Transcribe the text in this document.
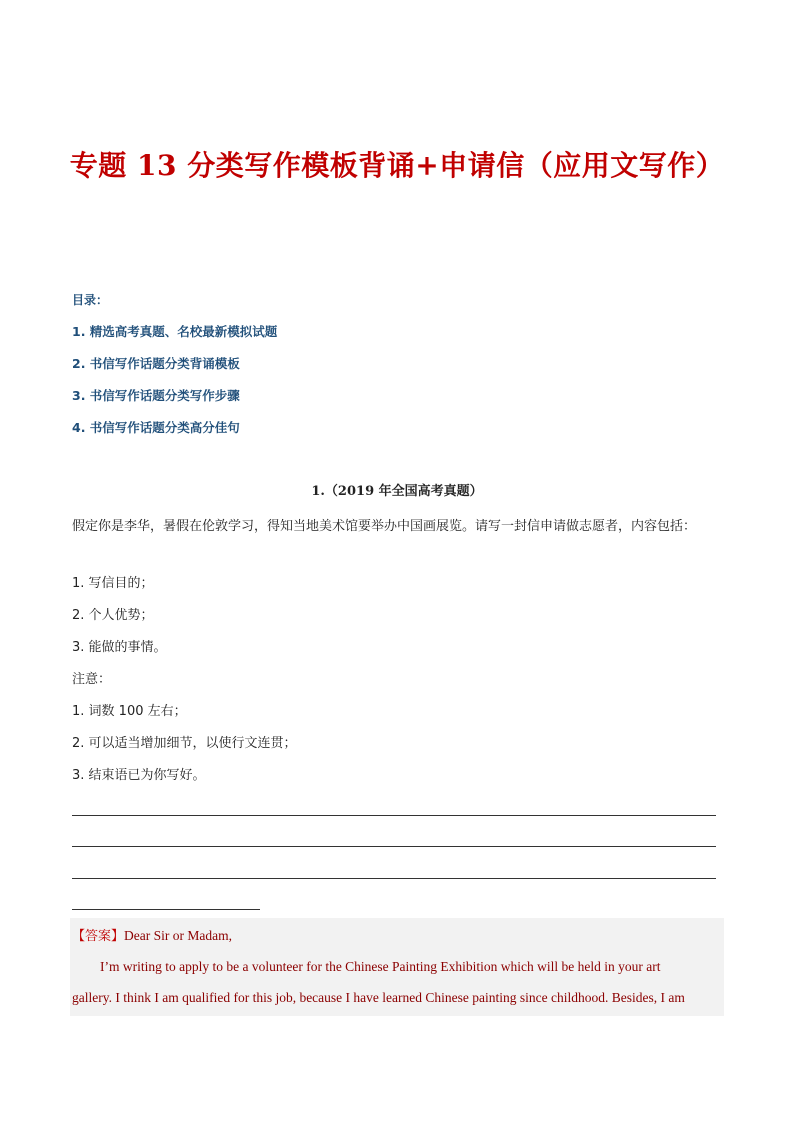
专题 13 分类写作模板背诵+申请信（应用文写作）
目录：
1. 精选高考真题、名校最新模拟试题
2. 书信写作话题分类背诵模板
3. 书信写作话题分类写作步骤
4. 书信写作话题分类高分佳句
1.（2019 年全国高考真题）
假定你是李华，暑假在伦敦学习，得知当地美术馆要举办中国画展览。请写一封信申请做志愿者，内容包括：
1. 写信目的；
2. 个人优势；
3. 能做的事情。
注意：
1. 词数 100 左右；
2. 可以适当增加细节，以使行文连贯；
3. 结束语已为你写好。
【答案】Dear Sir or Madam,
I’m writing to apply to be a volunteer for the Chinese Painting Exhibition which will be held in your art
gallery. I think I am qualified for this job, because I have learned Chinese painting since childhood. Besides, I am
